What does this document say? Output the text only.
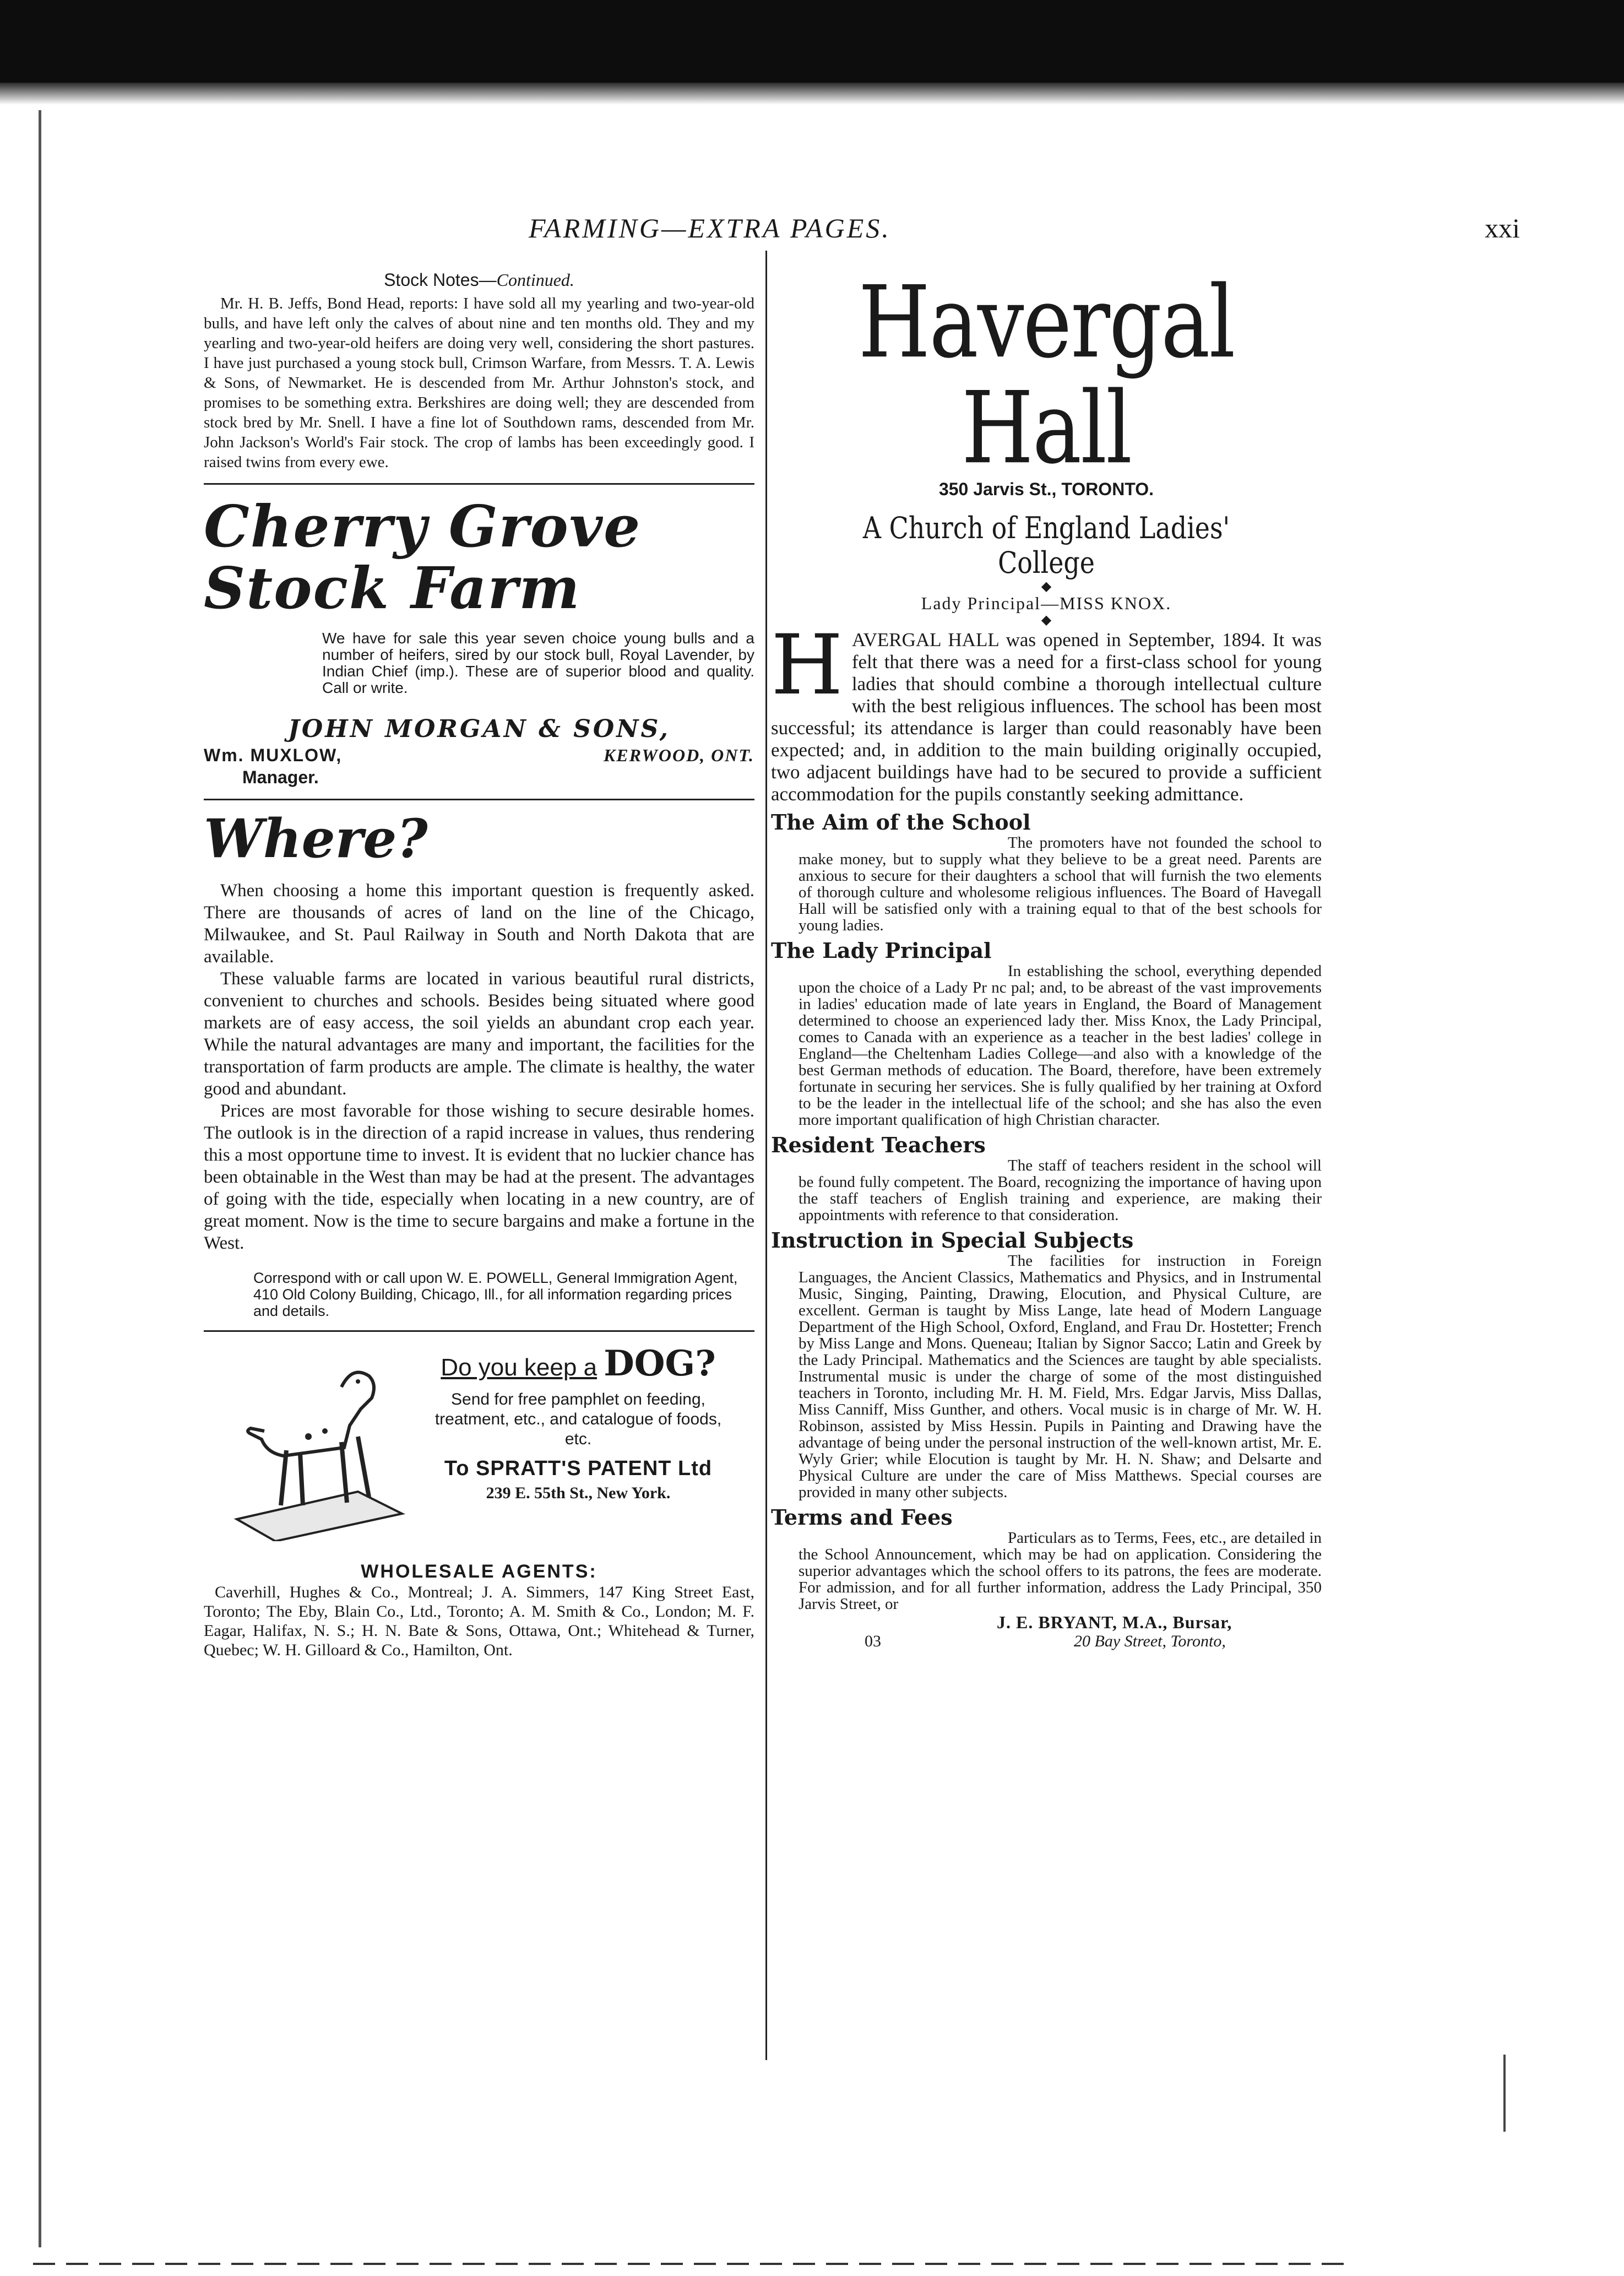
FARMING—EXTRA PAGES.	xxi
Stock Notes—Continued.

Mr. H. B. Jeffs, Bond Head, reports: I have sold all my yearling and two-year-old bulls, and have left only the calves of about nine and ten months old. They and my yearling and two-year-old heifers are doing very well, considering the short pastures. I have just purchased a young stock bull, Crimson Warfare, from Messrs. T. A. Lewis & Sons, of Newmarket. He is descended from Mr. Arthur Johnston's stock, and promises to be something extra. Berkshires are doing well; they are descended from stock bred by Mr. Snell. I have a fine lot of Southdown rams, descended from Mr. John Jackson's World's Fair stock. The crop of lambs has been exceedingly good. I raised twins from every ewe.

Cherry Grove
Stock Farm
We have for sale this year seven choice young bulls and a number of heifers, sired by our stock bull, Royal Lavender, by Indian Chief (imp.). These are of superior blood and quality. Call or write.
JOHN MORGAN & SONS,
Wm. MUXLOW,	KERWOOD, ONT.
Manager.
Where?

When choosing a home this important question is frequently asked. There are thousands of acres of land on the line of the Chicago, Milwaukee, and St. Paul Railway in South and North Dakota that are available.

These valuable farms are located in various beautiful rural districts, convenient to churches and schools. Besides being situated where good markets are of easy access, the soil yields an abundant crop each year. While the natural advantages are many and important, the facilities for the transportation of farm products are ample. The climate is healthy, the water good and abundant.

Prices are most favorable for those wishing to secure desirable homes. The outlook is in the direction of a rapid increase in values, thus rendering this a most opportune time to invest. It is evident that no luckier chance has been obtainable in the West than may be had at the present. The advantages of going with the tide, especially when locating in a new country, are of great moment. Now is the time to secure bargains and make a fortune in the West.

Correspond with or call upon W. E. POWELL, General Immigration Agent, 410 Old Colony Building, Chicago, Ill., for all information regarding prices and details.
Do you keep a DOG?
Send for free pamphlet on feeding, treatment, etc., and catalogue of foods, etc.
To SPRATT'S PATENT Ltd
239 E. 55th St., New York.
WHOLESALE AGENTS:
Caverhill, Hughes & Co., Montreal; J. A. Simmers, 147 King Street East, Toronto; The Eby, Blain Co., Ltd., Toronto; A. M. Smith & Co., London; M. F. Eagar, Halifax, N. S.; H. N. Bate & Sons, Ottawa, Ont.; Whitehead & Turner, Quebec; W. H. Gilloard & Co., Hamilton, Ont.
Havergal Hall
350 Jarvis St., TORONTO.
A Church of England Ladies' College
◆
Lady Principal—MISS KNOX.
◆

HAVERGAL HALL was opened in September, 1894. It was felt that there was a need for a first-class school for young ladies that should combine a thorough intellectual culture with the best religious influences. The school has been most successful; its attendance is larger than could reasonably have been expected; and, in addition to the main building originally occupied, two adjacent buildings have had to be secured to provide a sufficient accommodation for the pupils constantly seeking admittance.

The Aim of the School

The promoters have not founded the school to make money, but to supply what they believe to be a great need. Parents are anxious to secure for their daughters a school that will furnish the two elements of thorough culture and wholesome religious influences. The Board of Havegall Hall will be satisfied only with a training equal to that of the best schools for young ladies.

The Lady Principal

In establishing the school, everything depended upon the choice of a Lady Pr nc pal; and, to be abreast of the vast improvements in ladies' education made of late years in England, the Board of Management determined to choose an experienced lady ther. Miss Knox, the Lady Principal, comes to Canada with an experience as a teacher in the best ladies' college in England—the Cheltenham Ladies College—and also with a knowledge of the best German methods of education. The Board, therefore, have been extremely fortunate in securing her services. She is fully qualified by her training at Oxford to be the leader in the intellectual life of the school; and she has also the even more important qualification of high Christian character.

Resident Teachers

The staff of teachers resident in the school will be found fully competent. The Board, recognizing the importance of having upon the staff teachers of English training and experience, are making their appointments with reference to that consideration.

Instruction in Special Subjects

The facilities for instruction in Foreign Languages, the Ancient Classics, Mathematics and Physics, and in Instrumental Music, Singing, Painting, Drawing, Elocution, and Physical Culture, are excellent. German is taught by Miss Lange, late head of Modern Language Department of the High School, Oxford, England, and Frau Dr. Hostetter; French by Miss Lange and Mons. Queneau; Italian by Signor Sacco; Latin and Greek by the Lady Principal. Mathematics and the Sciences are taught by able specialists. Instrumental music is under the charge of some of the most distinguished teachers in Toronto, including Mr. H. M. Field, Mrs. Edgar Jarvis, Miss Dallas, Miss Canniff, Miss Gunther, and others. Vocal music is in charge of Mr. W. H. Robinson, assisted by Miss Hessin. Pupils in Painting and Drawing have the advantage of being under the personal instruction of the well-known artist, Mr. E. Wyly Grier; while Elocution is taught by Mr. H. N. Shaw; and Delsarte and Physical Culture are under the care of Miss Matthews. Special courses are provided in many other subjects.

Terms and Fees

Particulars as to Terms, Fees, etc., are detailed in the School Announcement, which may be had on application. Considering the superior advantages which the school offers to its patrons, the fees are moderate. For admission, and for all further information, address the Lady Principal, 350 Jarvis Street, or

03
J. E. BRYANT, M.A., Bursar,
20 Bay Street, Toronto,
